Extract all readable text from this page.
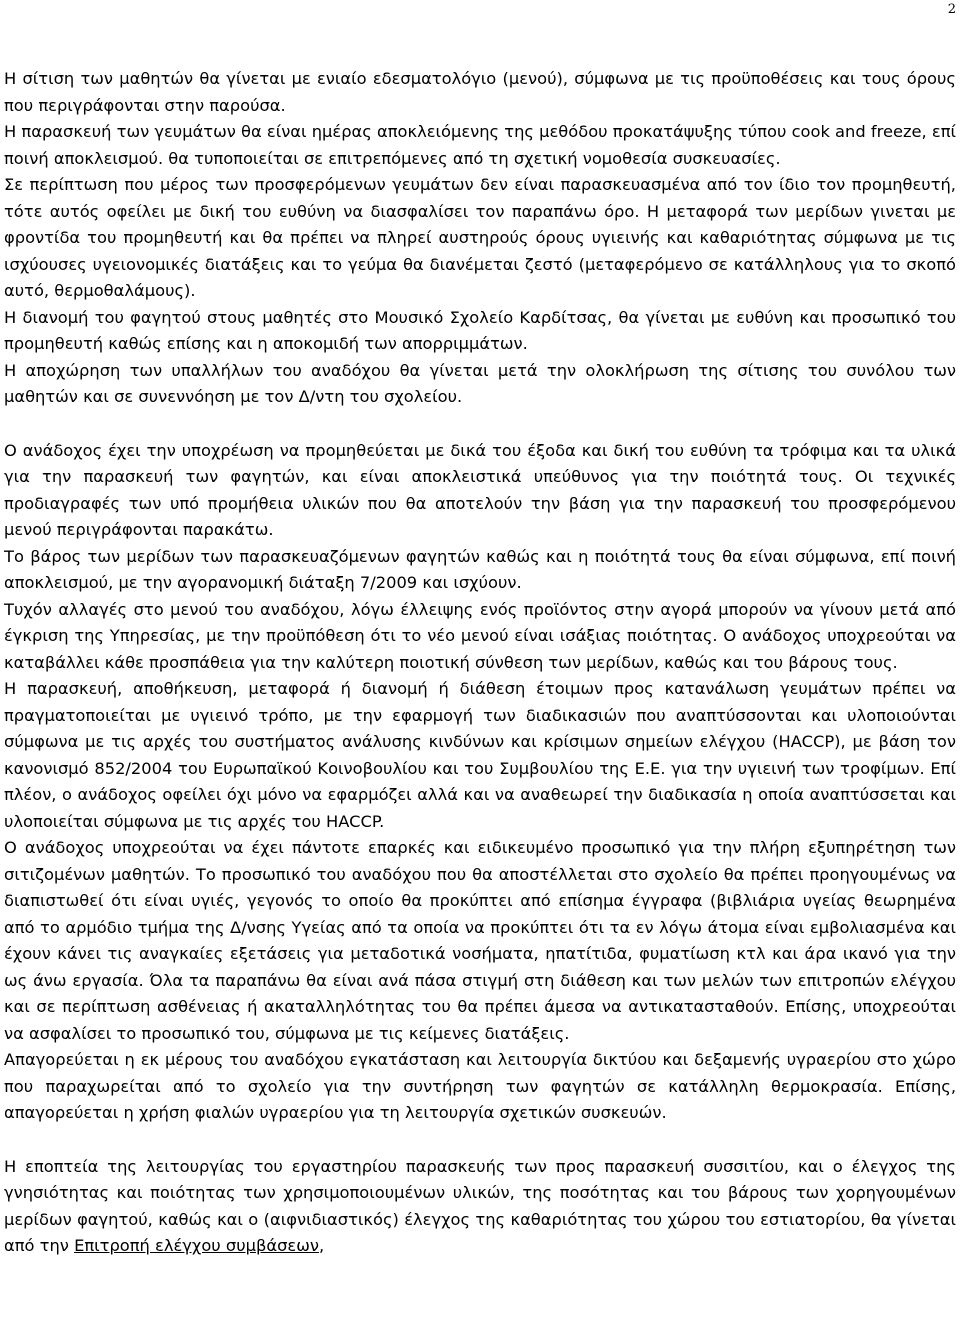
2

Η σίτιση των μαθητών θα γίνεται με ενιαίο εδεσματολόγιο (μενού), σύμφωνα με τις προϋποθέσεις και τους όρους που περιγράφονται στην παρούσα.

Η παρασκευή των γευμάτων θα είναι ημέρας αποκλειόμενης της μεθόδου προκατάψυξης τύπου cook and freeze, επί ποινή αποκλεισμού. θα τυποποιείται σε επιτρεπόμενες από τη σχετική νομοθεσία συσκευασίες.

Σε περίπτωση που μέρος των προσφερόμενων γευμάτων δεν είναι παρασκευασμένα από τον ίδιο τον προμηθευτή, τότε αυτός οφείλει με δική του ευθύνη να διασφαλίσει τον παραπάνω όρο. Η μεταφορά των μερίδων γινεται με φροντίδα του προμηθευτή και θα πρέπει να πληρεί αυστηρούς όρους υγιεινής και καθαριότητας σύμφωνα με τις ισχύουσες υγειονομικές διατάξεις και το γεύμα θα διανέμεται ζεστό (μεταφερόμενο σε κατάλληλους για το σκοπό αυτό, θερμοθαλάμους).

Η διανομή του φαγητού στους μαθητές στο Μουσικό Σχολείο Καρδίτσας, θα γίνεται με ευθύνη και προσωπικό του προμηθευτή καθώς επίσης και η αποκομιδή των απορριμμάτων.

Η αποχώρηση των υπαλλήλων του αναδόχου θα γίνεται μετά την ολοκλήρωση της σίτισης του συνόλου των μαθητών και σε συνεννόηση με τον Δ/ντη του σχολείου.

Ο ανάδοχος έχει την υποχρέωση να προμηθεύεται με δικά του έξοδα και δική του ευθύνη τα τρόφιμα και τα υλικά για την παρασκευή των φαγητών, και είναι αποκλειστικά υπεύθυνος για την ποιότητά τους. Οι τεχνικές προδιαγραφές των υπό προμήθεια υλικών που θα αποτελούν την βάση για την παρασκευή του προσφερόμενου μενού περιγράφονται παρακάτω.

Το βάρος των μερίδων των παρασκευαζόμενων φαγητών καθώς και η ποιότητά τους θα είναι σύμφωνα, επί ποινή αποκλεισμού, με την αγορανομική διάταξη 7/2009 και ισχύουν.

Τυχόν αλλαγές στο μενού του αναδόχου, λόγω έλλειψης ενός προϊόντος στην αγορά μπορούν να γίνουν μετά από έγκριση της Υπηρεσίας, με την προϋπόθεση ότι το νέο μενού είναι ισάξιας ποιότητας. Ο ανάδοχος υποχρεούται να καταβάλλει κάθε προσπάθεια για την καλύτερη ποιοτική σύνθεση των μερίδων, καθώς και του βάρους τους.

Η παρασκευή, αποθήκευση, μεταφορά ή διανομή ή διάθεση έτοιμων προς κατανάλωση γευμάτων πρέπει να πραγματοποιείται με υγιεινό τρόπο, με την εφαρμογή των διαδικασιών που αναπτύσσονται και υλοποιούνται σύμφωνα με τις αρχές του συστήματος ανάλυσης κινδύνων και κρίσιμων σημείων ελέγχου (HACCP), με βάση τον κανονισμό 852/2004 του Ευρωπαϊκού Κοινοβουλίου και του Συμβουλίου της Ε.Ε. για την υγιεινή των τροφίμων. Επί πλέον, ο ανάδοχος οφείλει όχι μόνο να εφαρμόζει αλλά και να αναθεωρεί την διαδικασία η οποία αναπτύσσεται και υλοποιείται σύμφωνα με τις αρχές του HACCP.

Ο ανάδοχος υποχρεούται να έχει πάντοτε επαρκές και ειδικευμένο προσωπικό για την πλήρη εξυπηρέτηση των σιτιζομένων μαθητών. Το προσωπικό του αναδόχου που θα αποστέλλεται στο σχολείο θα πρέπει προηγουμένως να διαπιστωθεί ότι είναι υγιές, γεγονός το οποίο θα προκύπτει από επίσημα έγγραφα (βιβλιάρια υγείας θεωρημένα από το αρμόδιο τμήμα της Δ/νσης Υγείας από τα οποία να προκύπτει ότι τα εν λόγω άτομα είναι εμβολιασμένα και έχουν κάνει τις αναγκαίες εξετάσεις για μεταδοτικά νοσήματα, ηπατίτιδα, φυματίωση κτλ και άρα ικανό για την ως άνω εργασία. Όλα τα παραπάνω θα είναι ανά πάσα στιγμή στη διάθεση και των μελών των επιτροπών ελέγχου και σε περίπτωση ασθένειας ή ακαταλληλότητας του θα πρέπει άμεσα να αντικατασταθούν. Επίσης, υποχρεούται να ασφαλίσει το προσωπικό του, σύμφωνα με τις κείμενες διατάξεις.

Απαγορεύεται η εκ μέρους του αναδόχου εγκατάσταση και λειτουργία δικτύου και δεξαμενής υγραερίου στο χώρο που παραχωρείται από το σχολείο για την συντήρηση των φαγητών σε κατάλληλη θερμοκρασία. Επίσης, απαγορεύεται η χρήση φιαλών υγραερίου για τη λειτουργία σχετικών συσκευών.

Η εποπτεία της λειτουργίας του εργαστηρίου παρασκευής των προς παρασκευή συσσιτίου, και ο έλεγχος της γνησιότητας και ποιότητας των χρησιμοποιουμένων υλικών, της ποσότητας και του βάρους των χορηγουμένων μερίδων φαγητού, καθώς και ο (αιφνιδιαστικός) έλεγχος της καθαριότητας του χώρου του εστιατορίου, θα γίνεται από την Επιτροπή ελέγχου συμβάσεων,
